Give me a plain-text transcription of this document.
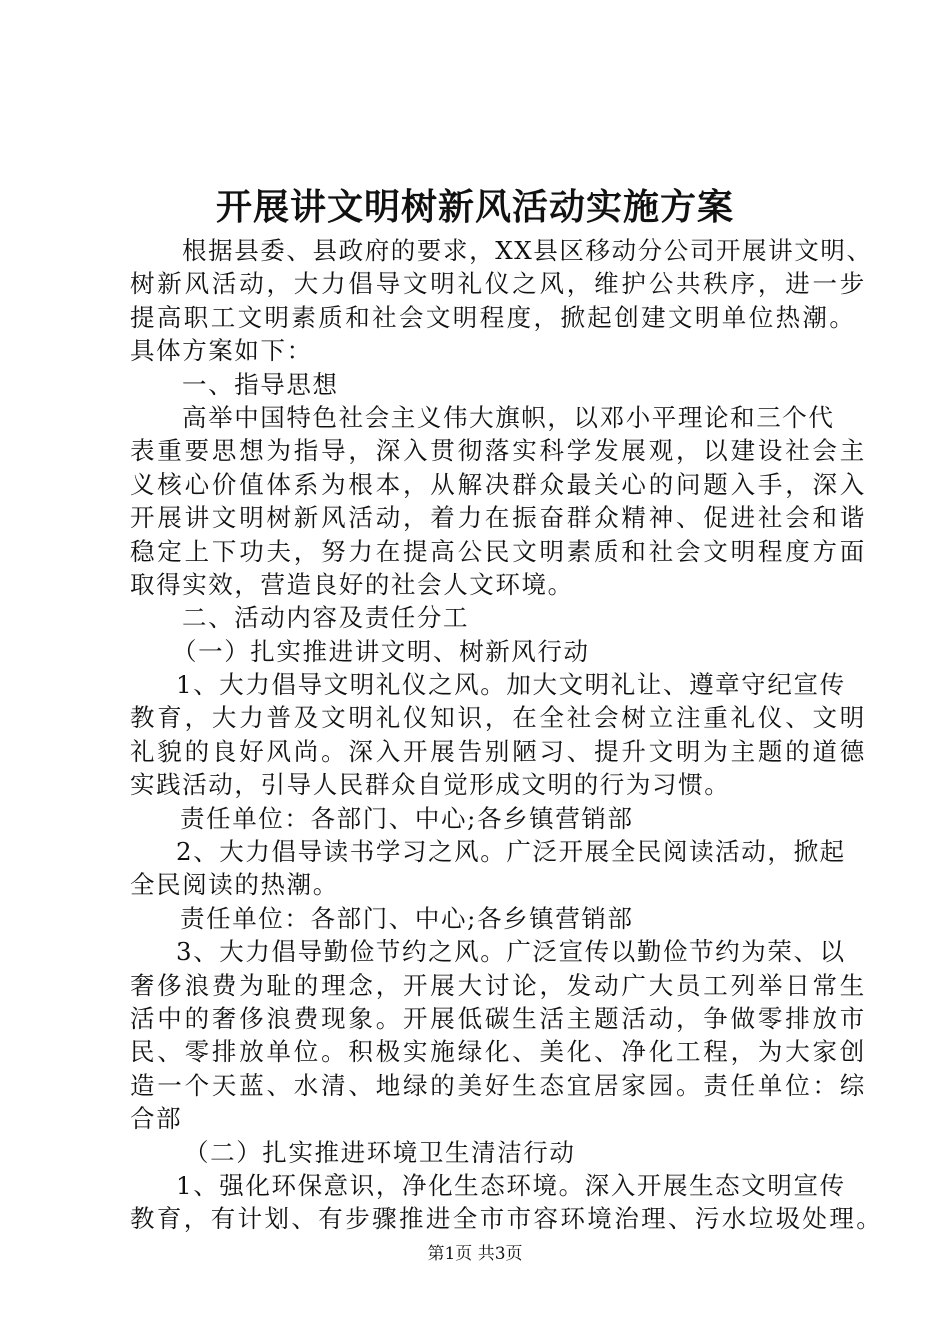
开展讲文明树新风活动实施方案
根据县委、县政府的要求，XX县区移动分公司开展讲文明、
树新风活动，大力倡导文明礼仪之风，维护公共秩序，进一步
提高职工文明素质和社会文明程度，掀起创建文明单位热潮。
具体方案如下：
一、指导思想
高举中国特色社会主义伟大旗帜，以邓小平理论和三个代
表重要思想为指导，深入贯彻落实科学发展观，以建设社会主
义核心价值体系为根本，从解决群众最关心的问题入手，深入
开展讲文明树新风活动，着力在振奋群众精神、促进社会和谐
稳定上下功夫，努力在提高公民文明素质和社会文明程度方面
取得实效，营造良好的社会人文环境。
二、活动内容及责任分工
（一）扎实推进讲文明、树新风行动
1、大力倡导文明礼仪之风。加大文明礼让、遵章守纪宣传
教育，大力普及文明礼仪知识，在全社会树立注重礼仪、文明
礼貌的良好风尚。深入开展告别陋习、提升文明为主题的道德
实践活动，引导人民群众自觉形成文明的行为习惯。
责任单位：各部门、中心;各乡镇营销部
2、大力倡导读书学习之风。广泛开展全民阅读活动，掀起
全民阅读的热潮。
责任单位：各部门、中心;各乡镇营销部
3、大力倡导勤俭节约之风。广泛宣传以勤俭节约为荣、以
奢侈浪费为耻的理念，开展大讨论，发动广大员工列举日常生
活中的奢侈浪费现象。开展低碳生活主题活动，争做零排放市
民、零排放单位。积极实施绿化、美化、净化工程，为大家创
造一个天蓝、水清、地绿的美好生态宜居家园。责任单位：综
合部
（二）扎实推进环境卫生清洁行动
1、强化环保意识，净化生态环境。深入开展生态文明宣传
教育，有计划、有步骤推进全市市容环境治理、污水垃圾处理。
第1页 共3页
